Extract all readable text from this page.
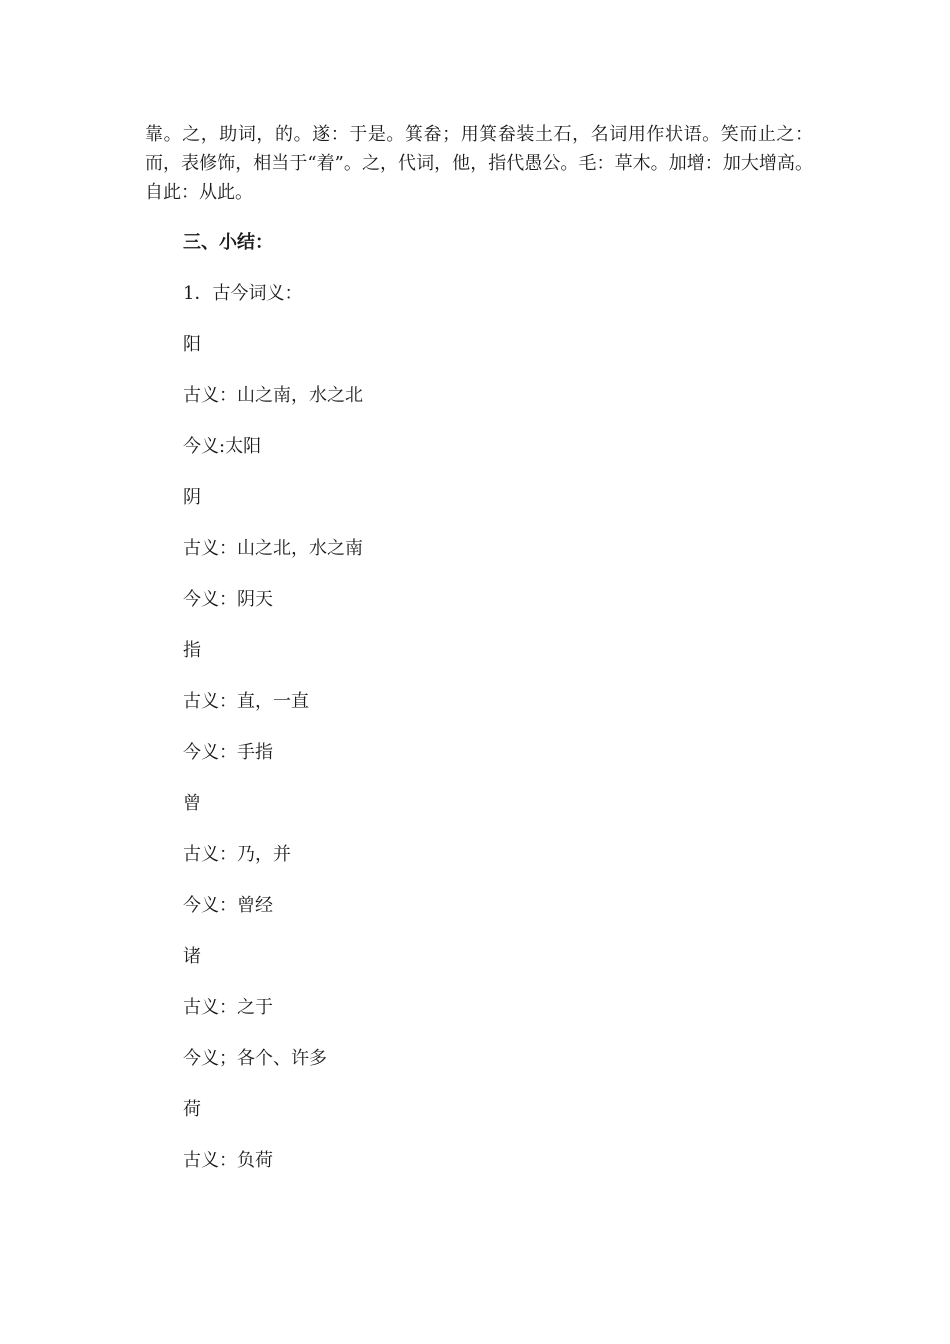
靠。之，助词，的。遂：于是。箕畚；用箕畚装土石，名词用作状语。笑而止之：而，表修饰，相当于“着”。之，代词，他，指代愚公。毛：草木。加增：加大增高。自此：从此。

三、小结：

1．古今词义：

阳

古义：山之南，水之北

今义:太阳

阴

古义：山之北，水之南

今义：阴天

指

古义：直，一直

今义：手指

曾

古义：乃，并

今义：曾经

诸

古义：之于

今义；各个、许多

荷

古义：负荷
